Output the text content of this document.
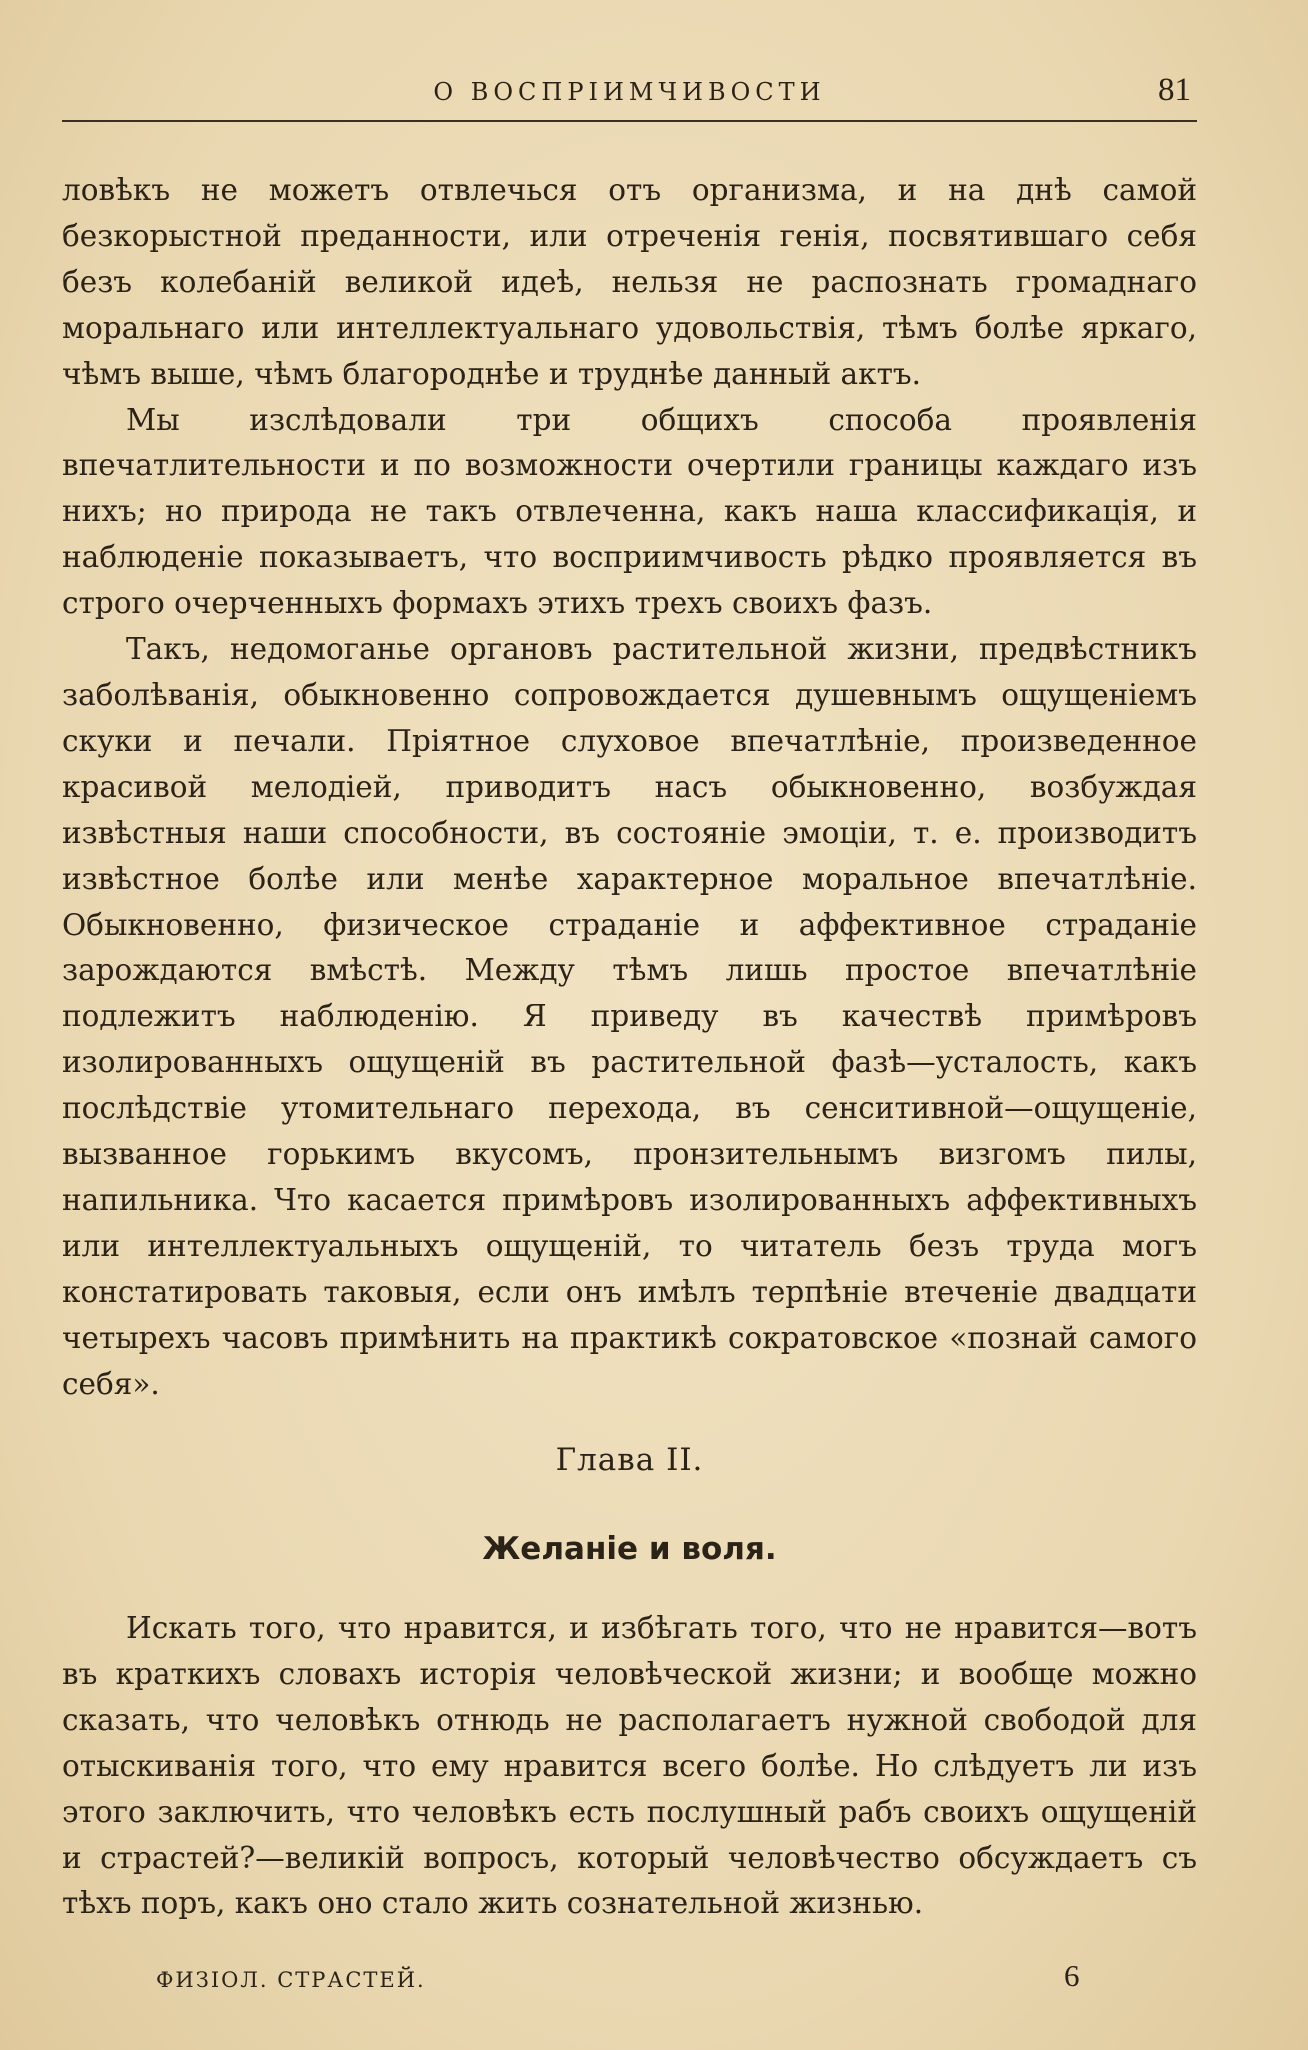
О ВОСПРІИМЧИВОСТИ	81

ловѣкъ не можетъ отвлечься отъ организма, и на днѣ самой безкорыстной преданности, или отреченія генія, посвятившаго себя безъ колебаній великой идеѣ, нельзя не распознать громаднаго моральнаго или интеллектуальнаго удовольствія, тѣмъ болѣе яркаго, чѣмъ выше, чѣмъ благороднѣе и труднѣе данный актъ.

Мы изслѣдовали три общихъ способа проявленія впечатлительности и по возможности очертили границы каждаго изъ нихъ; но природа не такъ отвлеченна, какъ наша классификація, и наблюденіе показываетъ, что восприимчивость рѣдко проявляется въ строго очерченныхъ формахъ этихъ трехъ своихъ фазъ.

Такъ, недомоганье органовъ растительной жизни, предвѣстникъ заболѣванія, обыкновенно сопровождается душевнымъ ощущеніемъ скуки и печали. Пріятное слуховое впечатлѣніе, произведенное красивой мелодіей, приводитъ насъ обыкновенно, возбуждая извѣстныя наши способности, въ состояніе эмоціи, т. е. производитъ извѣстное болѣе или менѣе характерное моральное впечатлѣніе. Обыкновенно, физическое страданіе и аффективное страданіе зарождаются вмѣстѣ. Между тѣмъ лишь простое впечатлѣніе подлежитъ наблюденію. Я приведу въ качествѣ примѣровъ изолированныхъ ощущеній въ растительной фазѣ—усталость, какъ послѣдствіе утомительнаго перехода, въ сенситивной—ощущеніе, вызванное горькимъ вкусомъ, пронзительнымъ визгомъ пилы, напильника. Что касается примѣровъ изолированныхъ аффективныхъ или интеллектуальныхъ ощущеній, то читатель безъ труда могъ констатировать таковыя, если онъ имѣлъ терпѣніе втеченіе двадцати четырехъ часовъ примѣнить на практикѣ сократовское «познай самого себя».

Глава II.
Желаніе и воля.

Искать того, что нравится, и избѣгать того, что не нравится—вотъ въ краткихъ словахъ исторія человѣческой жизни; и вообще можно сказать, что человѣкъ отнюдь не располагаетъ нужной свободой для отыскиванія того, что ему нравится всего болѣе. Но слѣдуетъ ли изъ этого заключить, что человѣкъ есть послушный рабъ своихъ ощущеній и страстей?—великій вопросъ, который человѣчество обсуждаетъ съ тѣхъ поръ, какъ оно стало жить сознательной жизнью.

ФИЗІОЛ. СТРАСТЕЙ.	6
